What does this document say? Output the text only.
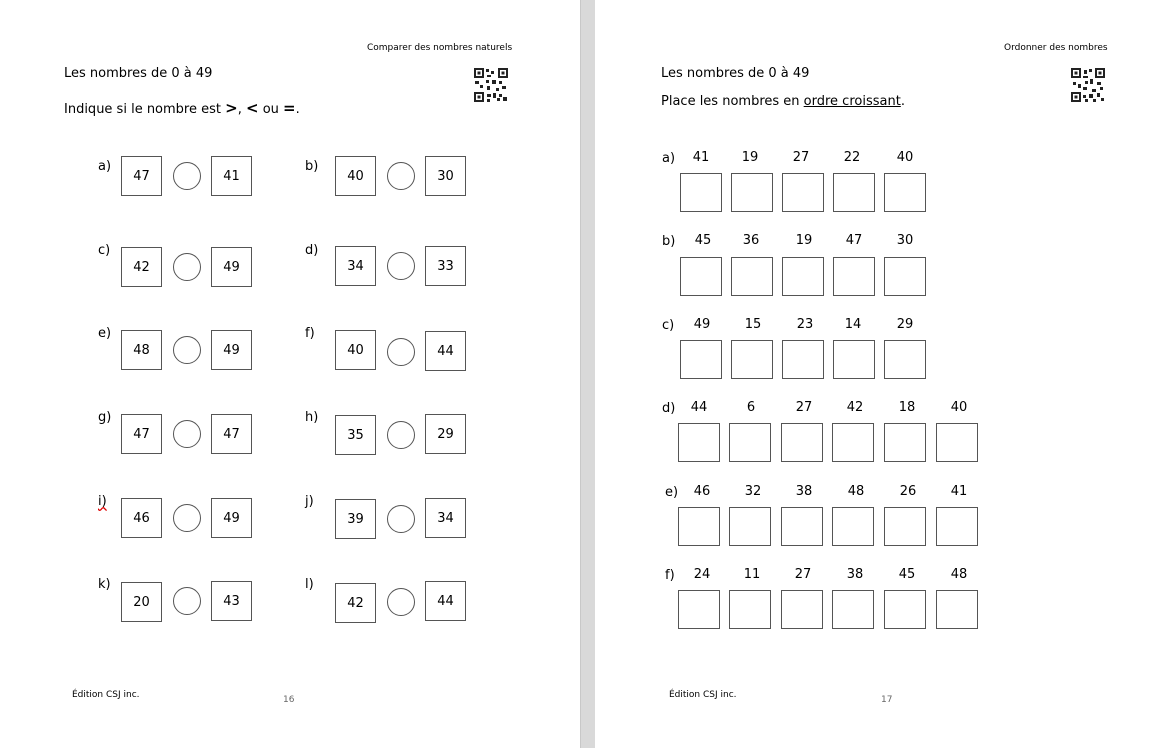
Comparer des nombres naturels
Les nombres de 0 à 49
Indique si le nombre est >, < ou =.
a)
47	41
b)
40	30
c)
42	49
d)
34	33
e)
48	49
f)
40	44
g)
47	47
h)
35	29
i)
46	49
j)
39	34
k)
20	43
l)
42	44
Édition CSJ inc.	16
Ordonner des nombres
Les nombres de 0 à 49
Place les nombres en ordre croissant.
a)	41	19	27	22	40
b)	45	36	19	47	30
c)	49	15	23	14	29
d)	44	6	27	42	18	40
e)	46	32	38	48	26	41
f)	24	11	27	38	45	48
Édition CSJ inc.	17
